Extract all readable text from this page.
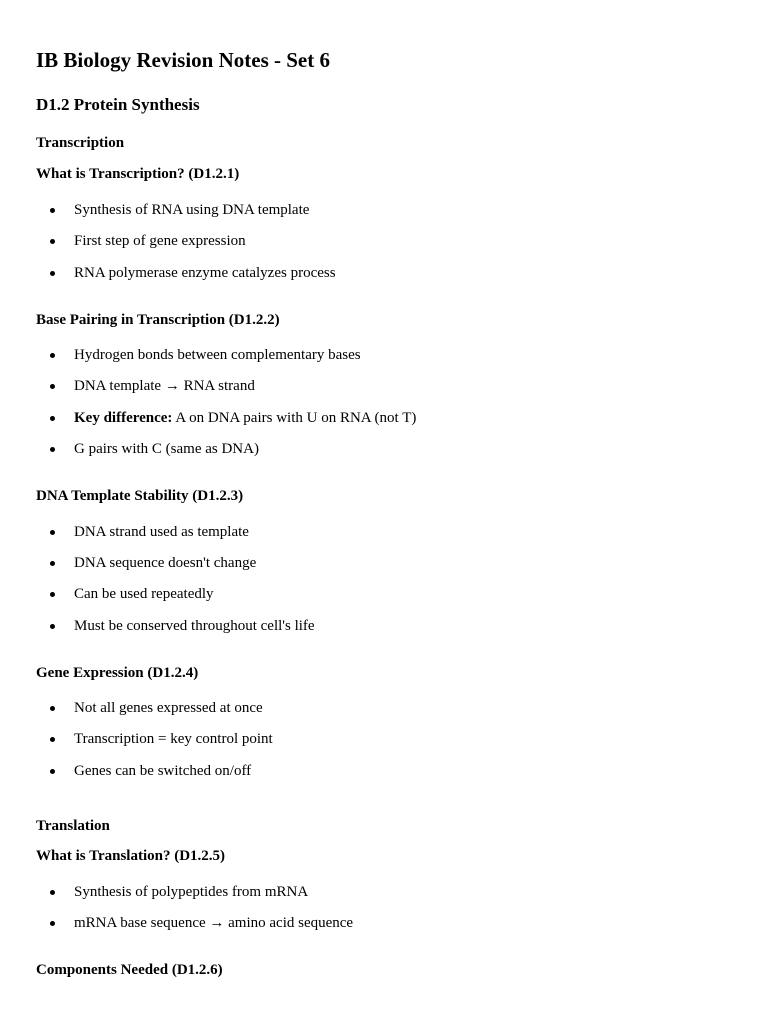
IB Biology Revision Notes - Set 6
D1.2 Protein Synthesis
Transcription
What is Transcription? (D1.2.1)
Synthesis of RNA using DNA template
First step of gene expression
RNA polymerase enzyme catalyzes process
Base Pairing in Transcription (D1.2.2)
Hydrogen bonds between complementary bases
DNA template → RNA strand
Key difference: A on DNA pairs with U on RNA (not T)
G pairs with C (same as DNA)
DNA Template Stability (D1.2.3)
DNA strand used as template
DNA sequence doesn't change
Can be used repeatedly
Must be conserved throughout cell's life
Gene Expression (D1.2.4)
Not all genes expressed at once
Transcription = key control point
Genes can be switched on/off
Translation
What is Translation? (D1.2.5)
Synthesis of polypeptides from mRNA
mRNA base sequence → amino acid sequence
Components Needed (D1.2.6)
